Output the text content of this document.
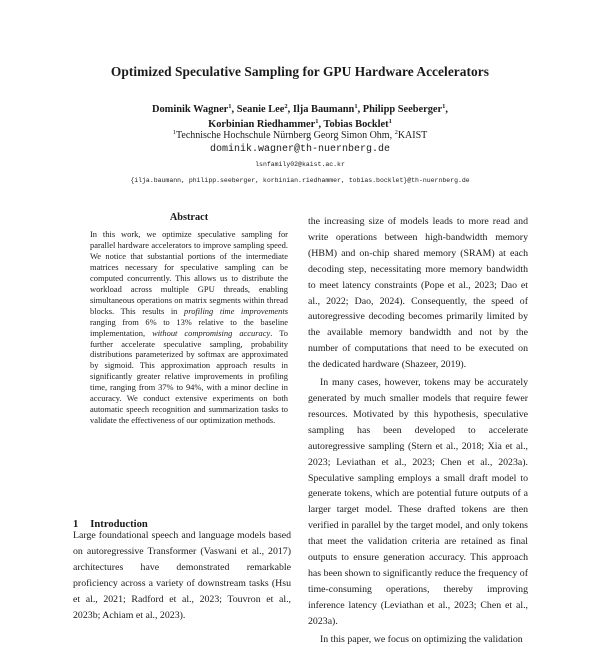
Optimized Speculative Sampling for GPU Hardware Accelerators
Dominik Wagner$^1$, Seanie Lee$^2$, Ilja Baumann$^1$, Philipp Seeberger$^1$,
Korbinian Riedhammer$^1$, Tobias Bocklet$^1$
$^1$Technische Hochschule Nürnberg Georg Simon Ohm, $^2$KAIST
dominik.wagner@th-nuernberg.de
lsnfamily02@kaist.ac.kr
{ilja.baumann, philipp.seeberger, korbinian.riedhammer, tobias.bocklet}@th-nuernberg.de
Abstract

In this work, we optimize speculative sampling for parallel hardware accelerators to improve sampling speed. We notice that substantial portions of the intermediate matrices necessary for speculative sampling can be computed concurrently. This allows us to distribute the workload across multiple GPU threads, enabling simultaneous operations on matrix segments within thread blocks. This results in profiling time improvements ranging from 6% to 13% relative to the baseline implementation, without compromising accuracy. To further accelerate speculative sampling, probability distributions parameterized by softmax are approximated by sigmoid. This approximation approach results in significantly greater relative improvements in profiling time, ranging from 37% to 94%, with a minor decline in accuracy. We conduct extensive experiments on both automatic speech recognition and summarization tasks to validate the effectiveness of our optimization methods.

1 Introduction

Large foundational speech and language models based on autoregressive Transformer (Vaswani et al., 2017) architectures have demonstrated remarkable proficiency across a variety of downstream tasks (Hsu et al., 2021; Radford et al., 2023; Touvron et al., 2023b; Achiam et al., 2023).

the increasing size of models leads to more read and write operations between high-bandwidth memory (HBM) and on-chip shared memory (SRAM) at each decoding step, necessitating more memory bandwidth to meet latency constraints (Pope et al., 2023; Dao et al., 2022; Dao, 2024). Consequently, the speed of autoregressive decoding becomes primarily limited by the available memory bandwidth and not by the number of computations that need to be executed on the dedicated hardware (Shazeer, 2019).

In many cases, however, tokens may be accurately generated by much smaller models that require fewer resources. Motivated by this hypothesis, speculative sampling has been developed to accelerate autoregressive sampling (Stern et al., 2018; Xia et al., 2023; Leviathan et al., 2023; Chen et al., 2023a). Speculative sampling employs a small draft model to generate tokens, which are potential future outputs of a larger target model. These drafted tokens are then verified in parallel by the target model, and only tokens that meet the validation criteria are retained as final outputs to ensure generation accuracy. This approach has been shown to significantly reduce the frequency of time-consuming operations, thereby improving inference latency (Leviathan et al., 2023; Chen et al., 2023a).

In this paper, we focus on optimizing the validation
